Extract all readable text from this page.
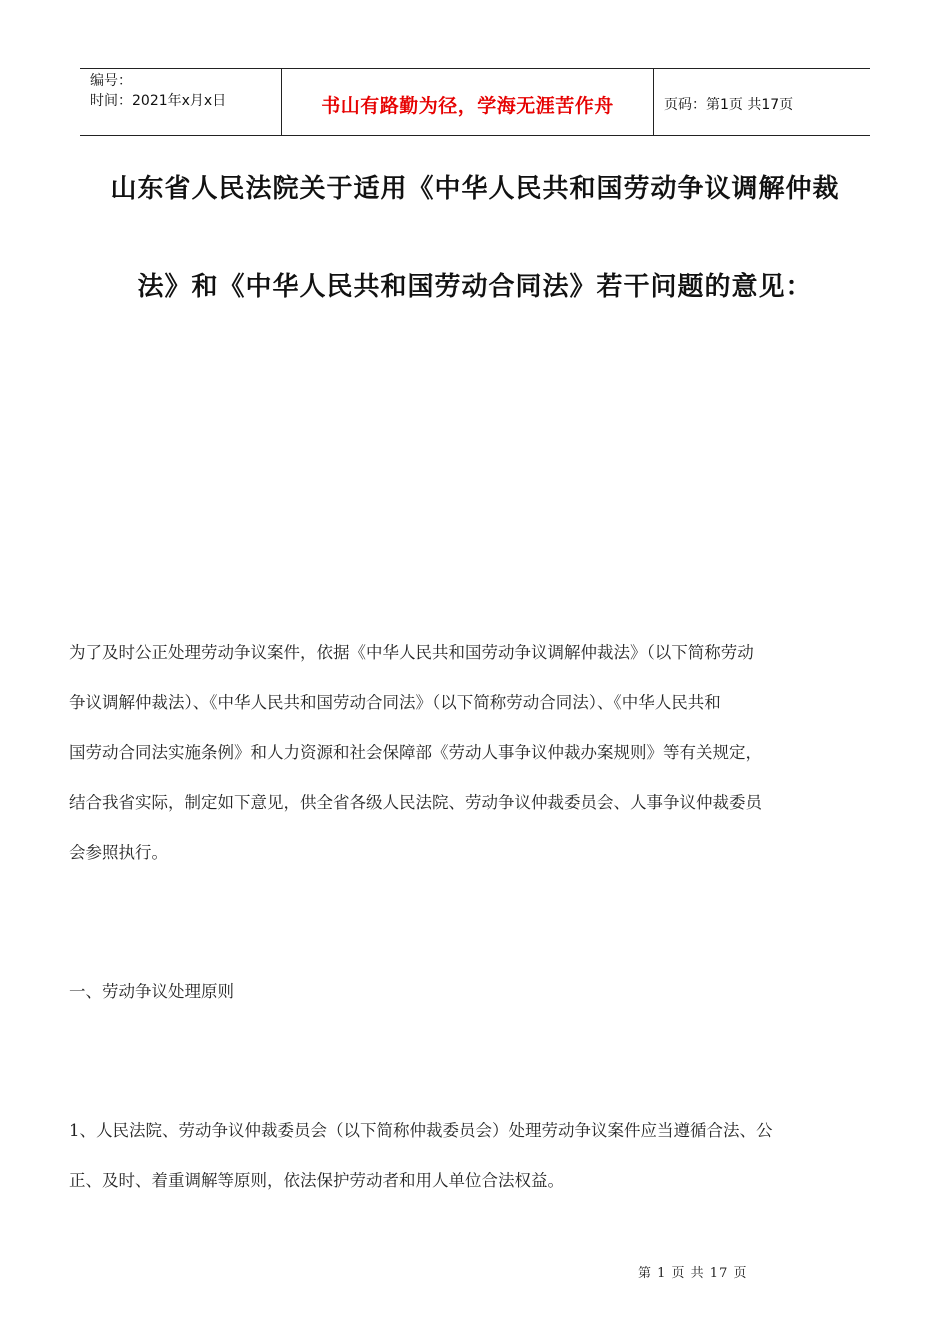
编号：
时间：2021年x月x日	书山有路勤为径，学海无涯苦作舟	页码：第1页 共17页
山东省人民法院关于适用《中华人民共和国劳动争议调解仲裁
法》和《中华人民共和国劳动合同法》若干问题的意见：
为了及时公正处理劳动争议案件，依据《中华人民共和国劳动争议调解仲裁法》（以下简称劳动
争议调解仲裁法）、《中华人民共和国劳动合同法》（以下简称劳动合同法）、《中华人民共和
国劳动合同法实施条例》和人力资源和社会保障部《劳动人事争议仲裁办案规则》等有关规定，
结合我省实际，制定如下意见，供全省各级人民法院、劳动争议仲裁委员会、人事争议仲裁委员
会参照执行。
一、劳动争议处理原则
1、人民法院、劳动争议仲裁委员会（以下简称仲裁委员会）处理劳动争议案件应当遵循合法、公
正、及时、着重调解等原则，依法保护劳动者和用人单位合法权益。
第 1 页 共 17 页
